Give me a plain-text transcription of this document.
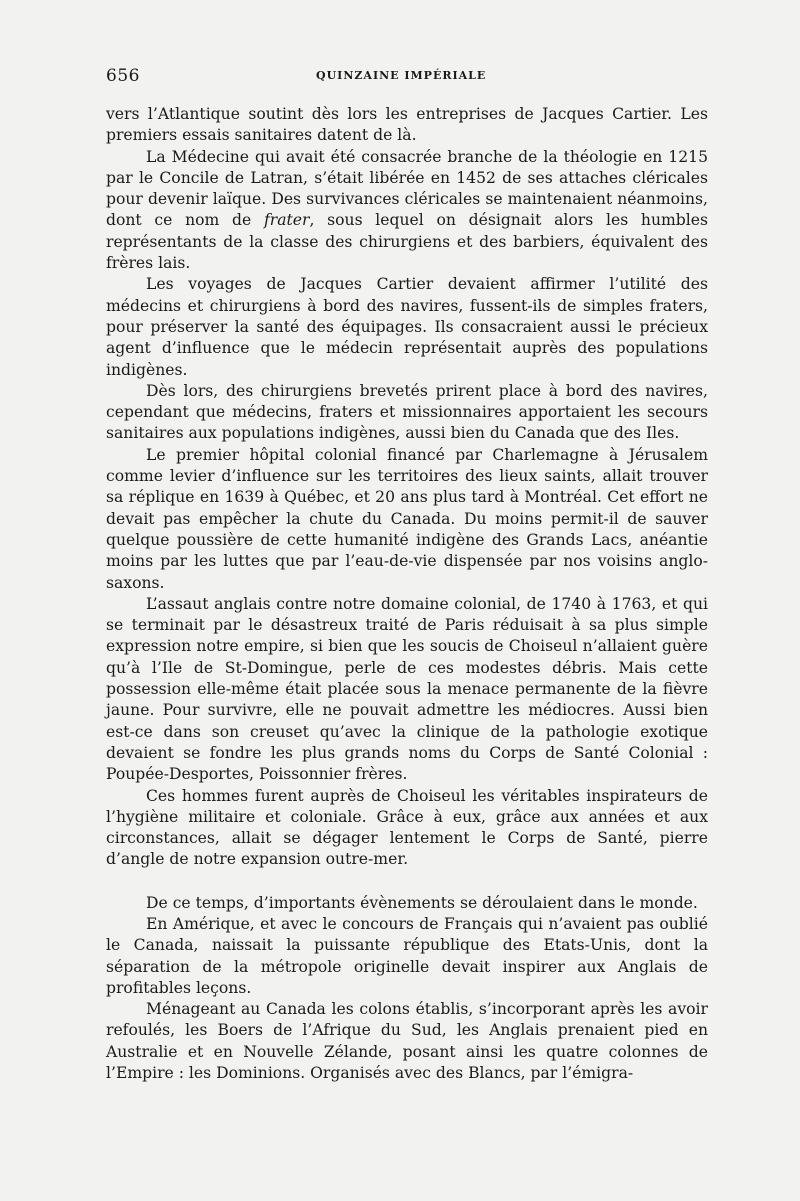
656	QUINZAINE IMPÉRIALE

vers l’Atlantique soutint dès lors les entreprises de Jacques Cartier. Les premiers essais sanitaires datent de là.

La Médecine qui avait été consacrée branche de la théologie en 1215 par le Concile de Latran, s’était libérée en 1452 de ses attaches cléricales pour devenir laïque. Des survivances cléricales se maintenaient néanmoins, dont ce nom de frater, sous lequel on désignait alors les humbles représentants de la classe des chirurgiens et des barbiers, équivalent des frères lais.

Les voyages de Jacques Cartier devaient affirmer l’utilité des médecins et chirurgiens à bord des navires, fussent-ils de simples fraters, pour préserver la santé des équipages. Ils consacraient aussi le précieux agent d’influence que le médecin représentait auprès des populations indigènes.

Dès lors, des chirurgiens brevetés prirent place à bord des navires, cependant que médecins, fraters et missionnaires apportaient les secours sanitaires aux populations indigènes, aussi bien du Canada que des Iles.

Le premier hôpital colonial financé par Charlemagne à Jérusalem comme levier d’influence sur les territoires des lieux saints, allait trouver sa réplique en 1639 à Québec, et 20 ans plus tard à Montréal. Cet effort ne devait pas empêcher la chute du Canada. Du moins permit-il de sauver quelque poussière de cette humanité indigène des Grands Lacs, anéantie moins par les luttes que par l’eau-de-vie dispensée par nos voisins anglo-saxons.

L’assaut anglais contre notre domaine colonial, de 1740 à 1763, et qui se terminait par le désastreux traité de Paris réduisait à sa plus simple expression notre empire, si bien que les soucis de Choiseul n’allaient guère qu’à l’Ile de St-Domingue, perle de ces modestes débris. Mais cette possession elle-même était placée sous la menace permanente de la fièvre jaune. Pour survivre, elle ne pouvait admettre les médiocres. Aussi bien est-ce dans son creuset qu’avec la clinique de la pathologie exotique devaient se fondre les plus grands noms du Corps de Santé Colonial : Poupée-Desportes, Poissonnier frères.

Ces hommes furent auprès de Choiseul les véritables inspirateurs de l’hygiène militaire et coloniale. Grâce à eux, grâce aux années et aux circonstances, allait se dégager lentement le Corps de Santé, pierre d’angle de notre expansion outre-mer.

De ce temps, d’importants évènements se déroulaient dans le monde.

En Amérique, et avec le concours de Français qui n’avaient pas oublié le Canada, naissait la puissante république des Etats-Unis, dont la séparation de la métropole originelle devait inspirer aux Anglais de profitables leçons.

Ménageant au Canada les colons établis, s’incorporant après les avoir refoulés, les Boers de l’Afrique du Sud, les Anglais prenaient pied en Australie et en Nouvelle Zélande, posant ainsi les quatre colonnes de l’Empire : les Dominions. Organisés avec des Blancs, par l’émigra-
